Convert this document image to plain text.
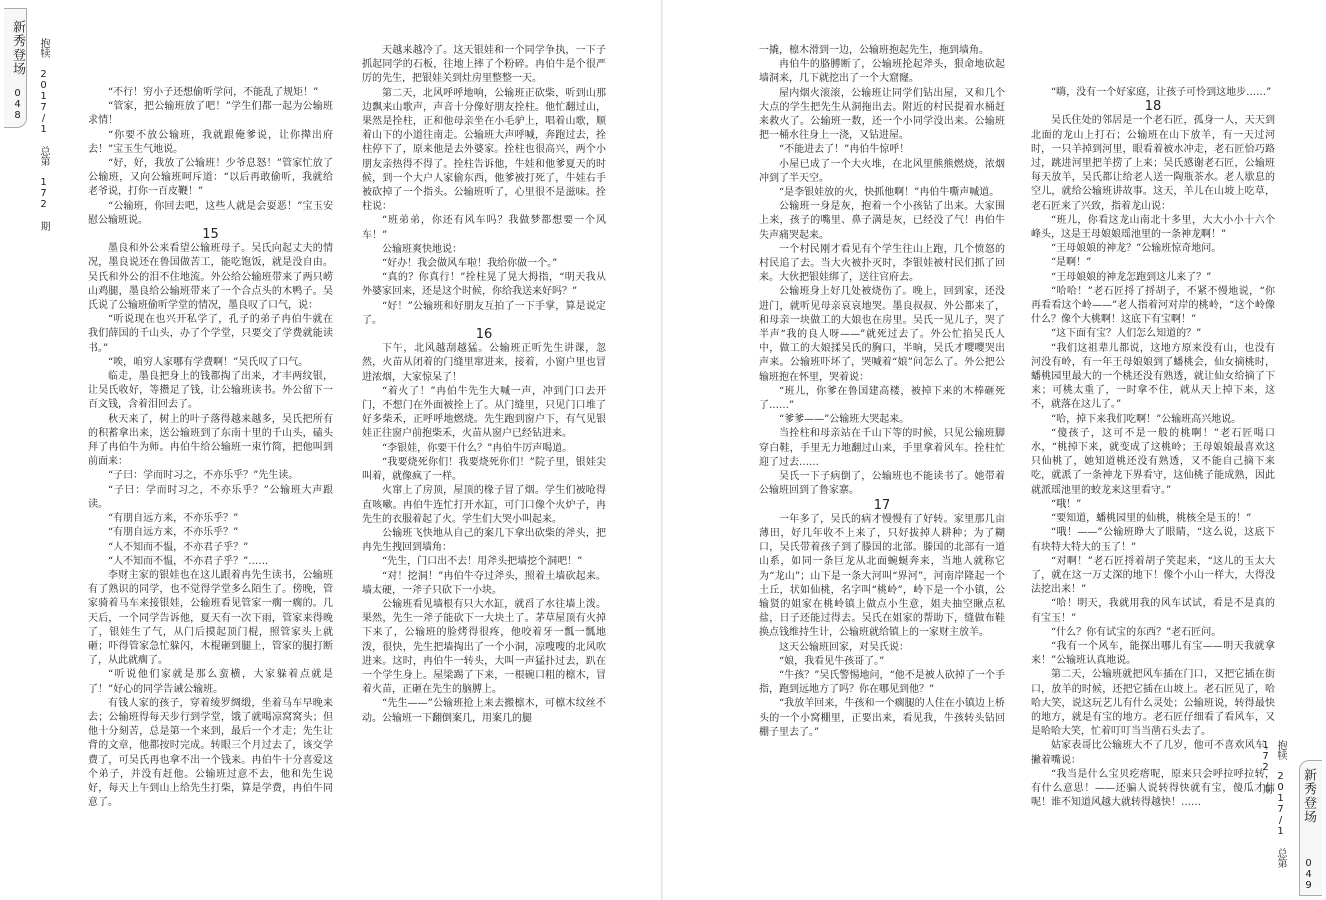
新秀登场 抱犊 2017/1 总第 172 期
048	“不行！穷小子还想偷听学问，不能乱了规矩！”

“管家，把公输班放了吧！”学生们都一起为公输班求情！

“你要不放公输班，我就跟俺爹说，让你撵出府去！”宝玉生气地说。

“好，好，我放了公输班！少爷息怒！”管家忙放了公输班，又向公输班呵斥道：“以后再敢偷听，我就给老爷说，打你一百皮鞭！”

“公输班，你回去吧，这些人就是会耍恶！”宝玉安慰公输班说。

15

墨良和外公来看望公输班母子。吴氏向起丈夫的情况，墨良说还在鲁国做苦工，能吃饱饭，就是没自由。吴氏和外公的泪不住地流。外公给公输班带来了两只崂山鸡腿，墨良给公输班带来了一个合点头的木鸭子。吴氏说了公输班偷听学堂的情况，墨良叹了口气，说：

“听说现在也兴开私学了，孔子的弟子冉伯牛就在我们薛国的千山头，办了个学堂，只要交了学费就能读书。”

“唉，咱穷人家哪有学费啊！”吴氏叹了口气。

临走，墨良把身上的钱都掏了出来，才丰两纹银，让吴氏收好，等攒足了钱，让公输班读书。外公留下一百文钱，含着泪回去了。

秋天来了，树上的叶子落得越来越多，吴氏把所有的积蓄拿出来，送公输班到了东南十里的千山头，磕头拜了冉伯牛为师。冉伯牛给公输班一束竹简，把他叫到前面来：

“子曰：学而时习之，不亦乐乎？”先生读。

“子曰：学而时习之，不亦乐乎？”公输班大声跟读。

“有朋自远方来，不亦乐乎？”

“有朋自远方来，不亦乐乎？”

“人不知而不愠，不亦君子乎？”

“人不知而不愠，不亦君子乎？”……

李财主家的银娃也在这儿跟着冉先生读书，公输班有了熟识的同学，也不觉得学堂多么陌生了。傍晚，管家骑着马车来接银娃，公输班看见管家一瘸一瘸的。几天后，一个同学告诉他，夏天有一次下雨，管家来得晚了，银娃生了气，从门后摸起顶门棍，照管家头上就砸；吓得管家急忙躲闪，木棍砸到腿上，管家的腿打断了，从此就瘸了。

“听说他们家就是那么蛮横，大家躲着点就是了！”好心的同学告诫公输班。

有钱人家的孩子，穿着绫罗绸缎，坐着马车早晚来去；公输班得每天步行到学堂，饿了就喝凉窝窝头；但他十分刻苦，总是第一个来到，最后一个才走；先生让背的文章，他都按时完成。转眼三个月过去了，该交学费了，可吴氏再也拿不出一个钱来。冉伯牛十分喜爱这个弟子，并没有赶他。公输班过意不去，他和先生说好，每天上午到山上给先生打柴，算是学费，冉伯牛同意了。

天越来越冷了。这天银娃和一个同学争执，一下子抓起同学的石板，往地上摔了个粉碎。冉伯牛是个很严厉的先生，把银娃关到灶房里整整一天。

第二天，北风呼呼地响，公输班正砍柴，听到山那边飘来山歌声，声音十分像好朋友拴柱。他忙翻过山，果然是拴柱，正和他母亲坐在小毛驴上，唱着山歌，顺着山下的小道往南走。公输班大声呼喊，奔跑过去，拴柱停下了，原来他是去外婆家。拴柱也很高兴，两个小朋友亲热得不得了。拴柱告诉他，牛娃和他爹夏天的时候，到一个大户人家偷东西，他爹被打死了，牛娃右手被砍掉了一个指头。公输班听了，心里很不是滋味。拴柱说：

“班弟弟，你还有风车吗？我做梦都想要一个风车！”

公输班爽快地说：

“好办！我会做风车啦！我给你做一个。”

“真的？你真行！”拴柱晃了晃大拇指，“明天我从外婆家回来，还是这个时候，你给我送来好吗？”

“好！”公输班和好朋友互拍了一下手掌，算是说定了。

16

下午，北风越刮越猛。公输班正听先生讲课，忽然，火苗从闭着的门缝里窜进来，接着，小窗户里也冒进浓烟，大家惊呆了！

“着火了！”冉伯牛先生大喊一声，冲到门口去开门，不想门在外面被拴上了。从门缝里，只见门口堆了好多柴禾，正呼呼地燃烧。先生跑到窗户下，有气见银娃正往窗户前抱柴禾，火苗从窗户已经钻进来。

“李银娃，你要干什么？”冉伯牛厉声喝道。

“我要烧死你们！我要烧死你们！”院子里，银娃尖叫着，就像疯了一样。

火窜上了房顶，屋顶的椽子冒了烟。学生们被呛得直咳嗽。冉伯牛连忙打开水缸，可门口像个火炉子，冉先生的衣服着起了火。学生们大哭小叫起来。

公输班飞快地从自己的案几下拿出砍柴的斧头，把冉先生拽回到墙角：

“先生，门口出不去！用斧头把墙挖个洞吧！”

“对！挖洞！”冉伯牛夺过斧头，照着土墙砍起来。墙太硬，一斧子只砍下一小块。

公输班看见墙根有只大水缸，就舀了水往墙上泼。果然，先生一斧子能砍下一大块土了。茅草屋顶有火掉下来了，公输班的脸烤得很疼，他咬着牙一瓢一瓢地泼，很快，先生把墙掏出了一个小洞，凉嗖嗖的北风吹进来。这时，冉伯牛一转头，大叫一声猛扑过去，趴在一个学生身上。屋梁踢了下来，一根碗口粗的檩木，冒着火苗，正砸在先生的脑膊上。

“先生——”公输班抢上来去搬檩木，可檩木纹丝不动。公输班一下翻倒案几，用案几的腿

新秀登场
抱犊 2017/1 总第 172 期
049

一撬，檩木滑到一边，公输班抱起先生，拖到墙角。

冉伯牛的胳膊断了，公输班抡起斧头，狠命地砍起墙洞来，几下就挖出了一个大窟窿。

屋内烟火滚滚，公输班让同学们钻出屋，又和几个大点的学生把先生从洞拖出去。附近的村民提着水桶赶来救火了。公输班一数，还一个小同学没出来。公输班把一桶水往身上一浇，又钻进屋。

“不能进去了！”冉伯牛惊呼！

小屋已成了一个大火堆，在北风里熊熊燃烧，浓烟冲到了半天空。

“是李银娃放的火，快抓他啊！”冉伯牛嘶声喊道。

公输班一身是灰，抱着一个小孩钻了出来。大家围上来，孩子的嘴里、鼻子满是灰，已经没了气！冉伯牛失声痛哭起来。

一个村民刚才看见有个学生往山上跑，几个愤怒的村民追了去。当大火被扑灭时，李银娃被村民们抓了回来。大伙把银娃绑了，送往官府去。

公输班身上好几处被烧伤了。晚上，回到家，还没进门，就听见母亲哀哀地哭。墨良叔叔、外公都来了，和母亲一块做工的大娘也在房里。吴氏一见儿子，哭了半声“我的良人呀——”就死过去了。外公忙掐吴氏人中，做工的大娘揉吴氏的胸口，半晌，吴氏才嘤嘤哭出声来。公输班吓坏了，哭喊着“娘”问怎么了。外公把公输班抱在怀里，哭着说：

“班儿，你爹在鲁国建高楼，被掉下来的木棒砸死了……”

“爹爹——”公输班大哭起来。

当拴柱和母亲站在千山下等的时候，只见公输班脚穿白鞋，手里无力地翻过山来，手里拿着风车。拴柱忙迎了过去……

吴氏一下子病倒了，公输班也不能读书了。她带着公输班回到了鲁家寨。

17

一年多了，吴氏的病才慢慢有了好转。家里那几亩薄田，好几年收不上来了，只好拔掉人耕种；为了糊口，吴氏带着孩子到了滕国的北部。滕国的北部有一道山系，如同一条巨龙从北面蜿蜒奔来，当地人就称它为“龙山”；山下是一条大河叫“界河”，河南岸隆起一个土丘，状如仙桃，名字叫“桃岭”，岭下是一个小镇，公输贤的姐家在桃岭镇上做点小生意，姐夫抽空瞅点私盐，日子还能过得去。吴氏在姐家的帮助下，缝做布鞋换点钱维持生计，公输班就给镇上的一家财主放羊。

这天公输班回家，对吴氏说：

“娘，我看见牛孩哥了。”

“牛孩？”吴氏警惕地问，“他不是被人砍掉了一个手指，跑到远地方了吗？你在哪见到他？”

“我放羊回来，牛孩和一个瘸腿的人住在小镇边上桥头的一个小窝棚里，正要出来，看见我，牛孩转头钻回棚子里去了。”

“嗨，没有一个好家庭，让孩子可怜到这地步……”

18

吴氏住处的邻居是一个老石匠，孤身一人，天天到北面的龙山上打石；公输班在山下放羊，有一天过河时，一只羊掉到河里，眼看着被水冲走，老石匠恰巧路过，跳进河里把羊捞了上来；吴氏感谢老石匠，公输班每天放羊，吴氏都让给老人送一陶瓶茶水。老人歇息的空儿，就给公输班讲故事。这天，羊儿在山坡上吃草，老石匠来了兴致，指着龙山说：

“班儿，你看这龙山南北十多里，大大小小十六个峰头，这是王母娘娘瑶池里的一条神龙啊！”

“王母娘娘的神龙？”公输班惊奇地问。

“是啊！”

“王母娘娘的神龙怎跑到这儿来了？”

“哈哈！”老石匠捋了捋胡子，不紧不慢地说，“你再看看这个岭——”老人指着河对岸的桃岭，“这个岭像什么？像个大桃啊！这底下有宝啊！”

“这下面有宝？人们怎么知道的？”

“我们这祖辈儿都说，这地方原来没有山，也没有河没有岭，有一年王母娘娘到了蟠桃会，仙女摘桃时，蟠桃园里最大的一个桃还没有熟透，就让仙女给摘了下来；可桃太重了，一时拿不住，就从天上掉下来，这不，就落在这儿了。”

“哈，掉下来我们吃啊！”公输班高兴地说。

“傻孩子，这可不是一般的桃啊！”老石匠喝口水，“桃掉下来，就变成了这桃岭；王母娘娘最喜欢这只仙桃了，她知道桃还没有熟透，又不能自己摘下来吃，就派了一条神龙下界看守，这仙桃子能成熟，因此就派瑶池里的蛟龙来这里看守。”

“哦！”

“要知道，蟠桃园里的仙桃，桃核全是玉的！”

“哦！——”公输班睁大了眼睛，“这么说，这底下有块特大特大的玉了！”

“对啊！”老石匠捋着胡子笑起来，“这儿的玉太大了，就在这一万丈深的地下！像个小山一样大，大得没法挖出来！”

“哈！明天，我就用我的风车试试，看是不是真的有宝玉！”

“什么？你有试宝的东西？”老石匠问。

“我有一个风车，能探出哪儿有宝——明天我就拿来！”公输班认真地说。

第二天，公输班就把风车插在门口，又把它插在街口，放羊的时候，还把它插在山坡上。老石匠见了，哈哈大笑，说这玩艺儿有什么灵处；公输班说，转得最快的地方，就是有宝的地方。老石匠仔细看了看风车，又是哈哈大笑，忙着叮叮当当凿石头去了。

姑家表哥比公输班大不了几岁，他可不喜欢风车，撇着嘴说：

“我当是什么宝贝疙瘩呢，原来只会呼拉呼拉转，有什么意思！——还骗人说转得快就有宝，傻瓜才信呢！谁不知道风越大就转得越快！……
